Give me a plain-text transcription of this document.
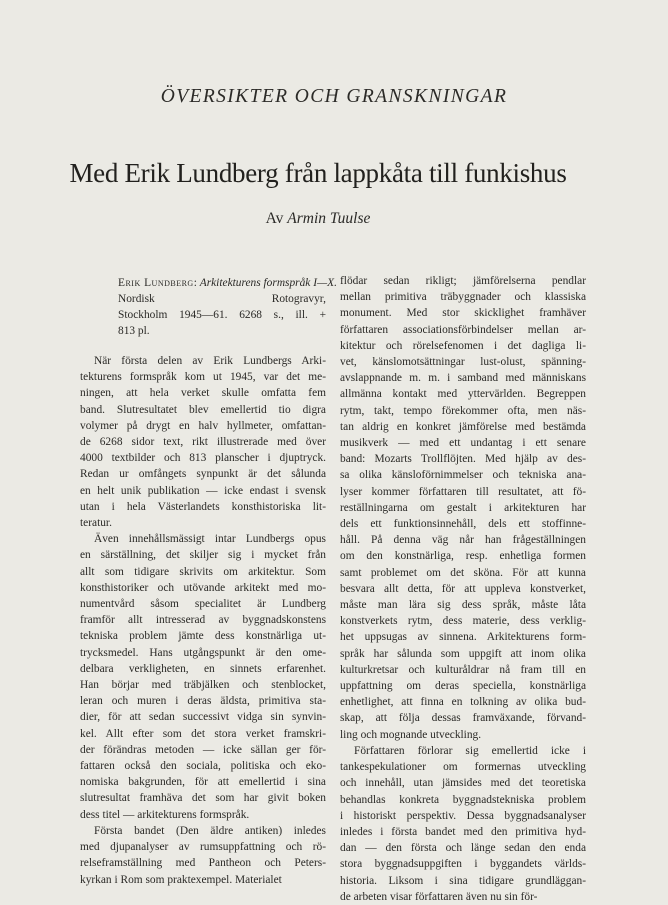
ÖVERSIKTER OCH GRANSKNINGAR
Med Erik Lundberg från lappkåta till funkishus
Av Armin Tuulse
Erik Lundberg: Arkitekturens formspråk I—X.
Nordisk Rotogravyr,
Stockholm 1945—61. 6268 s., ill. +
813 pl.
När första delen av Erik Lundbergs Arki-
tekturens formspråk kom ut 1945, var det me-
ningen, att hela verket skulle omfatta fem
band. Slutresultatet blev emellertid tio digra
volymer på drygt en halv hyllmeter, omfattan-
de 6268 sidor text, rikt illustrerade med över
4000 textbilder och 813 planscher i djuptryck.
Redan ur omfångets synpunkt är det sålunda
en helt unik publikation — icke endast i svensk
utan i hela Västerlandets konsthistoriska lit-
teratur.
Även innehållsmässigt intar Lundbergs opus
en särställning, det skiljer sig i mycket från
allt som tidigare skrivits om arkitektur. Som
konsthistoriker och utövande arkitekt med mo-
numentvård såsom specialitet är Lundberg
framför allt intresserad av byggnadskonstens
tekniska problem jämte dess konstnärliga ut-
trycksmedel. Hans utgångspunkt är den ome-
delbara verkligheten, en sinnets erfarenhet.
Han börjar med träbjälken och stenblocket,
leran och muren i deras äldsta, primitiva sta-
dier, för att sedan successivt vidga sin synvin-
kel. Allt efter som det stora verket framskri-
der förändras metoden — icke sällan ger för-
fattaren också den sociala, politiska och eko-
nomiska bakgrunden, för att emellertid i sina
slutresultat framhäva det som har givit boken
dess titel — arkitekturens formspråk.
Första bandet (Den äldre antiken) inledes
med djupanalyser av rumsuppfattning och rö-
relseframställning med Pantheon och Peters-
kyrkan i Rom som praktexempel. Materialet
flödar sedan rikligt; jämförelserna pendlar
mellan primitiva träbyggnader och klassiska
monument. Med stor skicklighet framhäver
författaren associationsförbindelser mellan ar-
kitektur och rörelsefenomen i det dagliga li-
vet, känslomotsättningar lust-olust, spänning-
avslappnande m. m. i samband med människans
allmänna kontakt med yttervärlden. Begreppen
rytm, takt, tempo förekommer ofta, men näs-
tan aldrig en konkret jämförelse med bestämda
musikverk — med ett undantag i ett senare
band: Mozarts Trollflöjten. Med hjälp av des-
sa olika känsloförnimmelser och tekniska ana-
lyser kommer författaren till resultatet, att fö-
reställningarna om gestalt i arkitekturen har
dels ett funktionsinnehåll, dels ett stoffinne-
håll. På denna väg når han frågeställningen
om den konstnärliga, resp. enhetliga formen
samt problemet om det sköna. För att kunna
besvara allt detta, för att uppleva konstverket,
måste man lära sig dess språk, måste låta
konstverkets rytm, dess materie, dess verklig-
het uppsugas av sinnena. Arkitekturens form-
språk har sålunda som uppgift att inom olika
kulturkretsar och kulturåldrar nå fram till en
uppfattning om deras speciella, konstnärliga
enhetlighet, att finna en tolkning av olika bud-
skap, att följa dessas framväxande, förvand-
ling och mognande utveckling.
Författaren förlorar sig emellertid icke i
tankespekulationer om formernas utveckling
och innehåll, utan jämsides med det teoretiska
behandlas konkreta byggnadstekniska problem
i historiskt perspektiv. Dessa byggnadsanalyser
inledes i första bandet med den primitiva hyd-
dan — den första och länge sedan den enda
stora byggnadsuppgiften i byggandets världs-
historia. Liksom i sina tidigare grundläggan-
de arbeten visar författaren även nu sin för-
